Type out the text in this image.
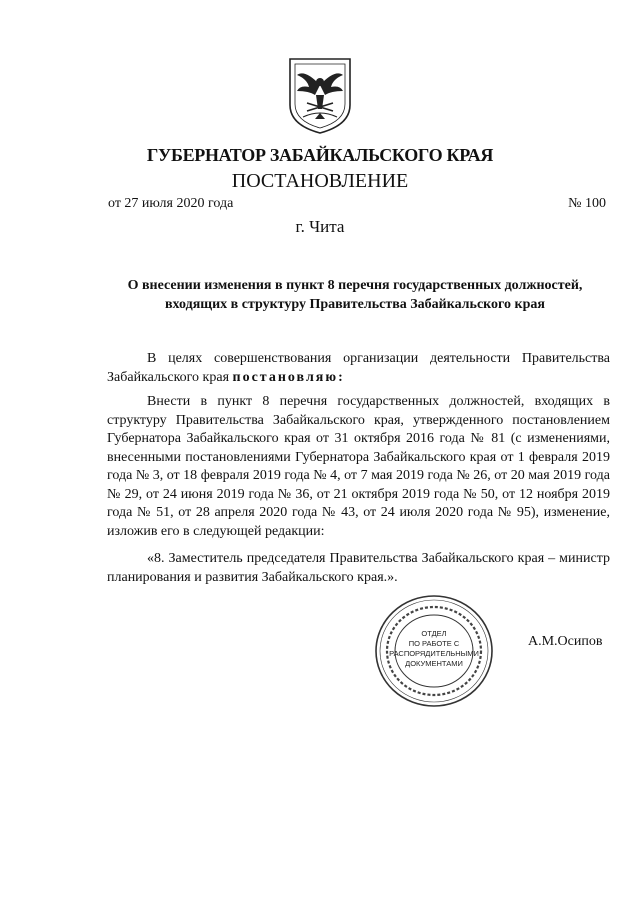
ГУБЕРНАТОР ЗАБАЙКАЛЬСКОГО КРАЯ
ПОСТАНОВЛЕНИЕ
от 27 июля 2020 года	№ 100
г. Чита
О внесении изменения в пункт 8 перечня государственных должностей,
входящих в структуру Правительства Забайкальского края

В целях совершенствования организации деятельности Правительства Забайкальского края постановляю:

Внести в пункт 8 перечня государственных должностей, входящих в структуру Правительства Забайкальского края, утвержденного постановлением Губернатора Забайкальского края от 31 октября 2016 года № 81 (с изменениями, внесенными постановлениями Губернатора Забайкальского края от 1 февраля 2019 года № 3, от 18 февраля 2019 года № 4, от 7 мая 2019 года № 26, от 20 мая 2019 года № 29, от 24 июня 2019 года № 36, от 21 октября 2019 года № 50, от 12 ноября 2019 года № 51, от 28 апреля 2020 года № 43, от 24 июля 2020 года № 95), изменение, изложив его в следующей редакции:

«8. Заместитель председателя Правительства Забайкальского края – министр планирования и развития Забайкальского края.».

ОТДЕЛ
ПО РАБОТЕ С
РАСПОРЯДИТЕЛЬНЫМИ
ДОКУМЕНТАМИ
А.М.Осипов
